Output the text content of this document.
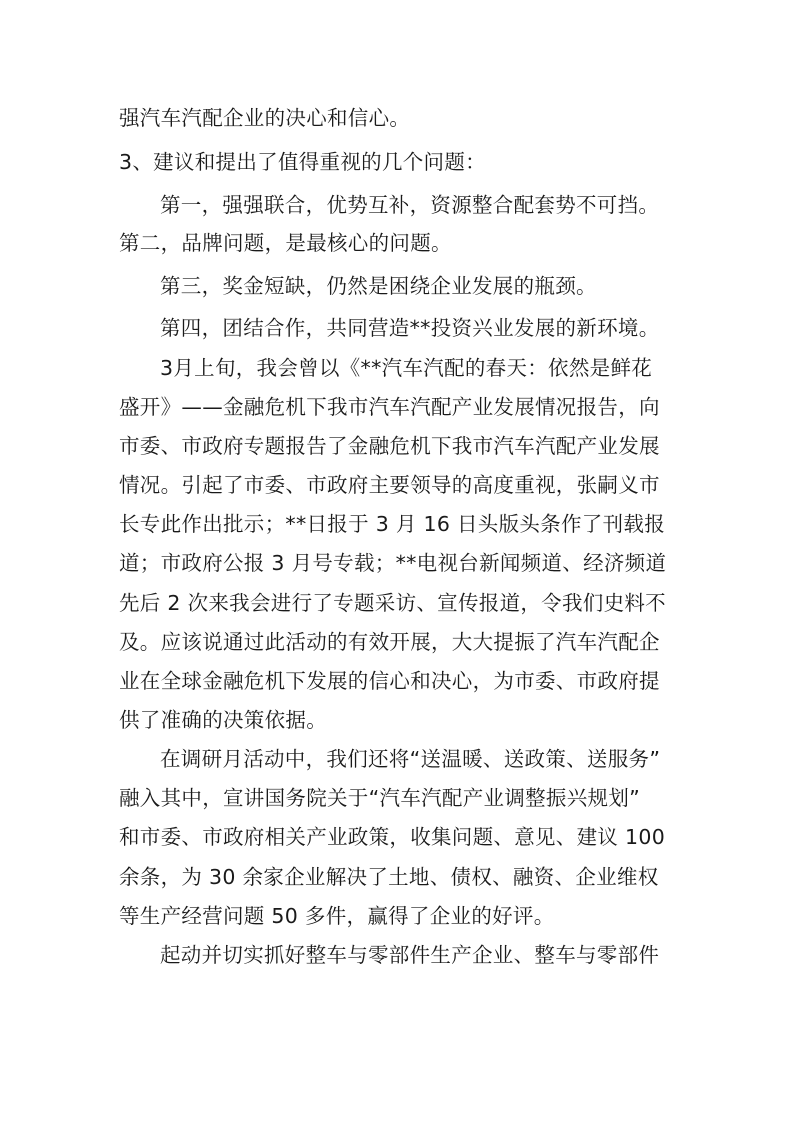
强汽车汽配企业的决心和信心。
3、建议和提出了值得重视的几个问题：
第一，强强联合，优势互补，资源整合配套势不可挡。
第二，品牌问题，是最核心的问题。
第三，奖金短缺，仍然是困绕企业发展的瓶颈。
第四，团结合作，共同营造**投资兴业发展的新环境。
3月上旬，我会曾以《**汽车汽配的春天：依然是鲜花
盛开》——金融危机下我市汽车汽配产业发展情况报告，向
市委、市政府专题报告了金融危机下我市汽车汽配产业发展
情况。引起了市委、市政府主要领导的高度重视，张嗣义市
长专此作出批示；**日报于 3 月 16 日头版头条作了刊载报
道；市政府公报 3 月号专载；**电视台新闻频道、经济频道
先后 2 次来我会进行了专题采访、宣传报道，令我们史料不
及。应该说通过此活动的有效开展，大大提振了汽车汽配企
业在全球金融危机下发展的信心和决心，为市委、市政府提
供了准确的决策依据。
在调研月活动中，我们还将“送温暖、送政策、送服务”
融入其中，宣讲国务院关于“汽车汽配产业调整振兴规划”
和市委、市政府相关产业政策，收集问题、意见、建议 100
余条，为 30 余家企业解决了土地、债权、融资、企业维权
等生产经营问题 50 多件，赢得了企业的好评。
起动并切实抓好整车与零部件生产企业、整车与零部件
